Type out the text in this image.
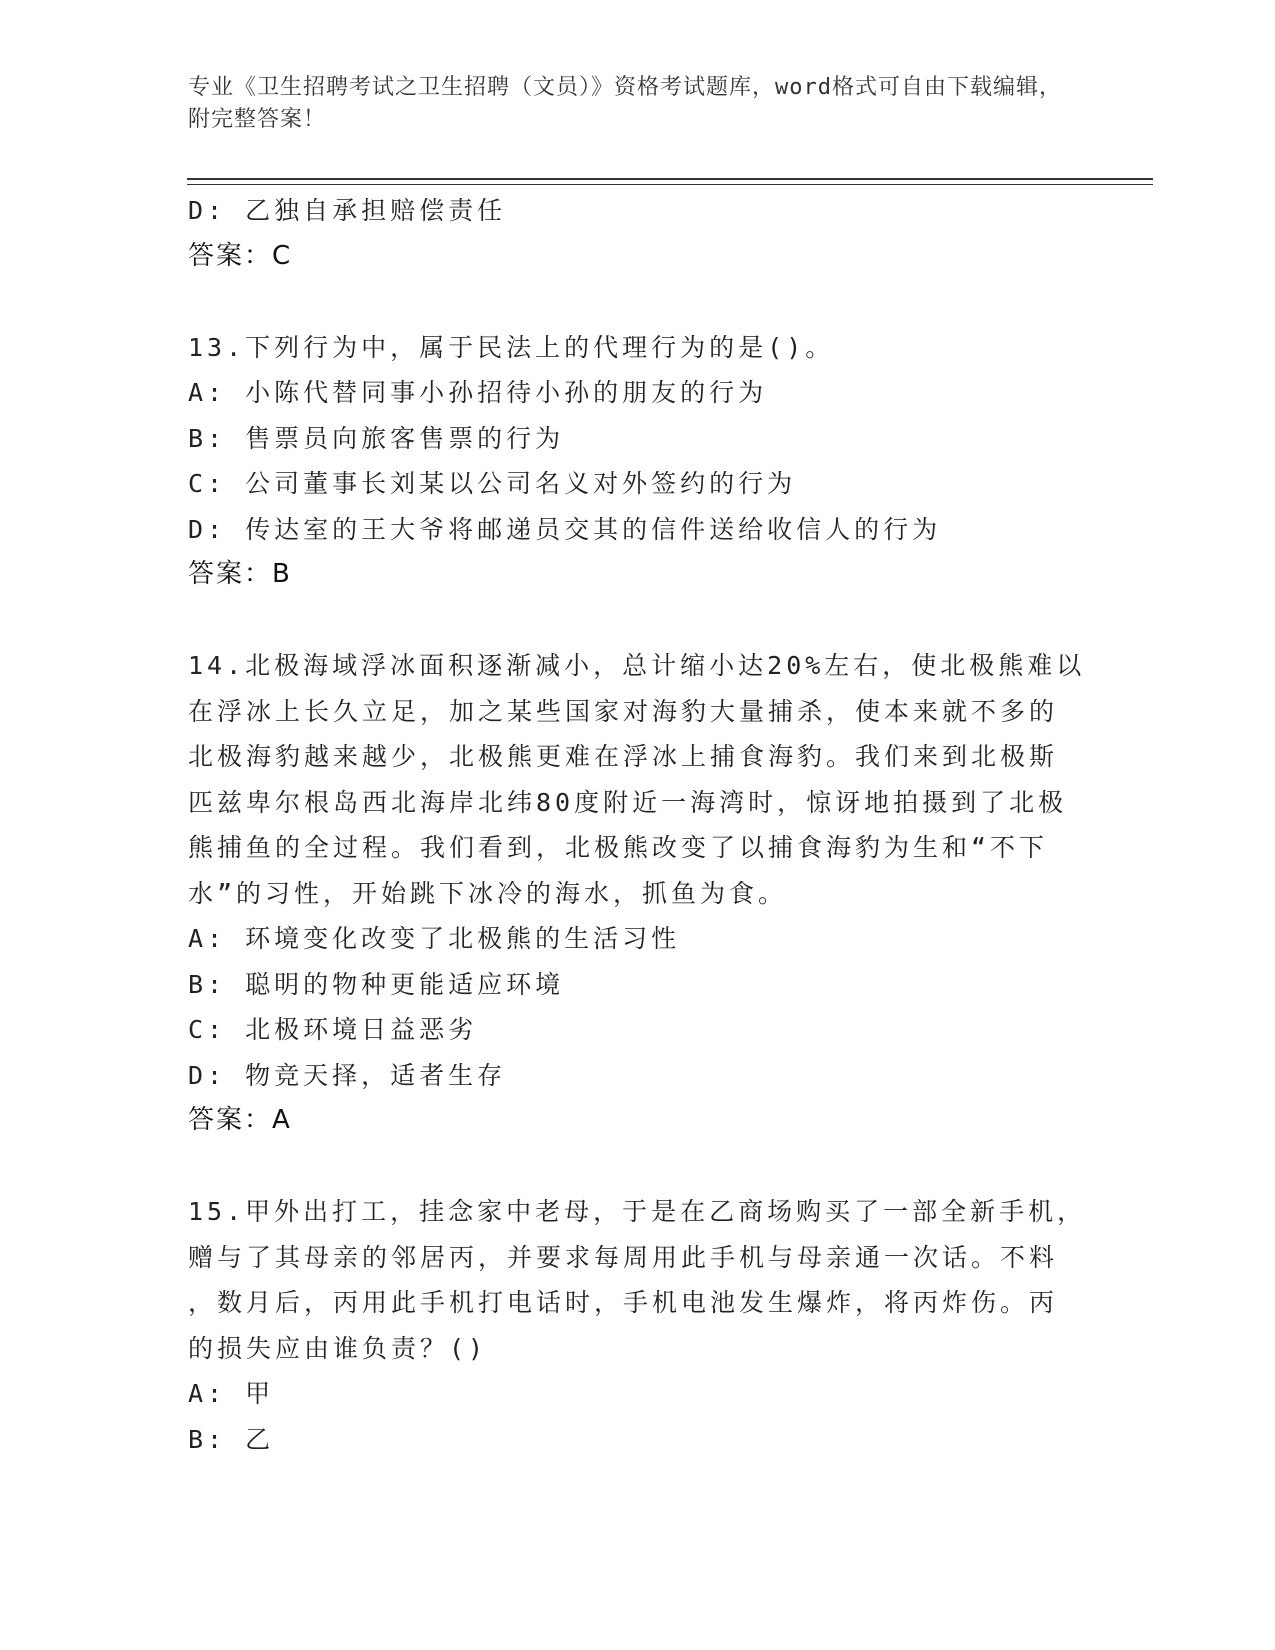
专业《卫生招聘考试之卫生招聘（文员）》资格考试题库，word格式可自由下载编辑，附完整答案！
D: 乙独自承担赔偿责任
答案：C
13.下列行为中，属于民法上的代理行为的是()。
A: 小陈代替同事小孙招待小孙的朋友的行为
B: 售票员向旅客售票的行为
C: 公司董事长刘某以公司名义对外签约的行为
D: 传达室的王大爷将邮递员交其的信件送给收信人的行为
答案：B
14.北极海域浮冰面积逐渐减小，总计缩小达20%左右，使北极熊难以
在浮冰上长久立足，加之某些国家对海豹大量捕杀，使本来就不多的
北极海豹越来越少，北极熊更难在浮冰上捕食海豹。我们来到北极斯
匹兹卑尔根岛西北海岸北纬80度附近一海湾时，惊讶地拍摄到了北极
熊捕鱼的全过程。我们看到，北极熊改变了以捕食海豹为生和“不下
水”的习性，开始跳下冰冷的海水，抓鱼为食。
A: 环境变化改变了北极熊的生活习性
B: 聪明的物种更能适应环境
C: 北极环境日益恶劣
D: 物竞天择，适者生存
答案：A
15.甲外出打工，挂念家中老母，于是在乙商场购买了一部全新手机，
赠与了其母亲的邻居丙，并要求每周用此手机与母亲通一次话。不料
，数月后，丙用此手机打电话时，手机电池发生爆炸，将丙炸伤。丙
的损失应由谁负责？()
A: 甲
B: 乙
